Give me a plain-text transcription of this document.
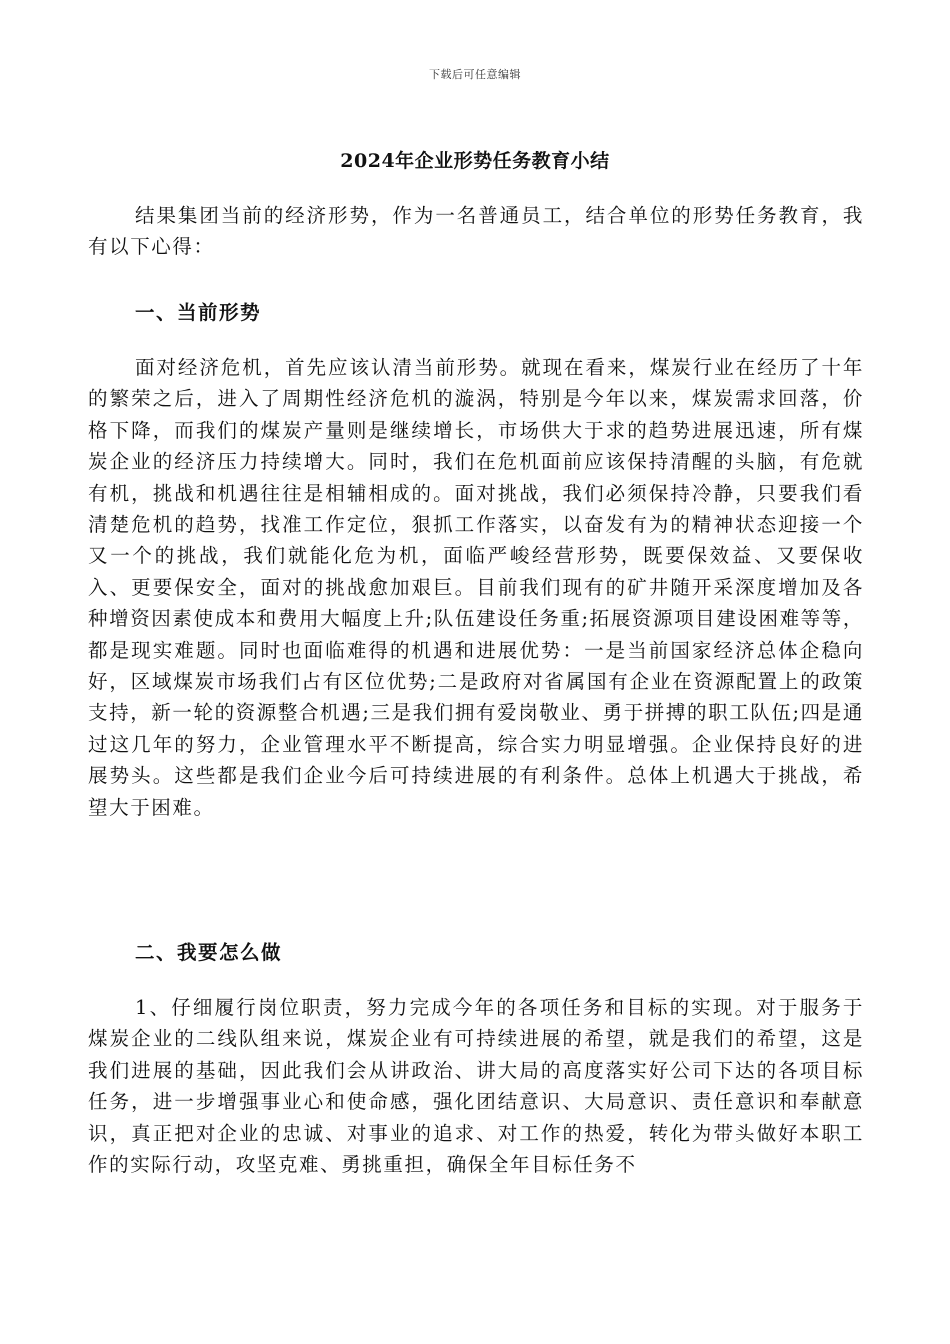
下载后可任意编辑
2024年企业形势任务教育小结

结果集团当前的经济形势，作为一名普通员工，结合单位的形势任务教育，我有以下心得：

一、当前形势

面对经济危机，首先应该认清当前形势。就现在看来，煤炭行业在经历了十年的繁荣之后，进入了周期性经济危机的漩涡，特别是今年以来，煤炭需求回落，价格下降，而我们的煤炭产量则是继续增长，市场供大于求的趋势进展迅速，所有煤炭企业的经济压力持续增大。同时，我们在危机面前应该保持清醒的头脑，有危就有机，挑战和机遇往往是相辅相成的。面对挑战，我们必须保持冷静，只要我们看清楚危机的趋势，找准工作定位，狠抓工作落实，以奋发有为的精神状态迎接一个又一个的挑战，我们就能化危为机，面临严峻经营形势，既要保效益、又要保收入、更要保安全，面对的挑战愈加艰巨。目前我们现有的矿井随开采深度增加及各种增资因素使成本和费用大幅度上升;队伍建设任务重;拓展资源项目建设困难等等，都是现实难题。同时也面临难得的机遇和进展优势：一是当前国家经济总体企稳向好，区域煤炭市场我们占有区位优势;二是政府对省属国有企业在资源配置上的政策支持，新一轮的资源整合机遇;三是我们拥有爱岗敬业、勇于拼搏的职工队伍;四是通过这几年的努力，企业管理水平不断提高，综合实力明显增强。企业保持良好的进展势头。这些都是我们企业今后可持续进展的有利条件。总体上机遇大于挑战，希望大于困难。

二、我要怎么做

1、仔细履行岗位职责，努力完成今年的各项任务和目标的实现。对于服务于煤炭企业的二线队组来说，煤炭企业有可持续进展的希望，就是我们的希望，这是我们进展的基础，因此我们会从讲政治、讲大局的高度落实好公司下达的各项目标任务，进一步增强事业心和使命感，强化团结意识、大局意识、责任意识和奉献意识，真正把对企业的忠诚、对事业的追求、对工作的热爱，转化为带头做好本职工作的实际行动，攻坚克难、勇挑重担，确保全年目标任务不
